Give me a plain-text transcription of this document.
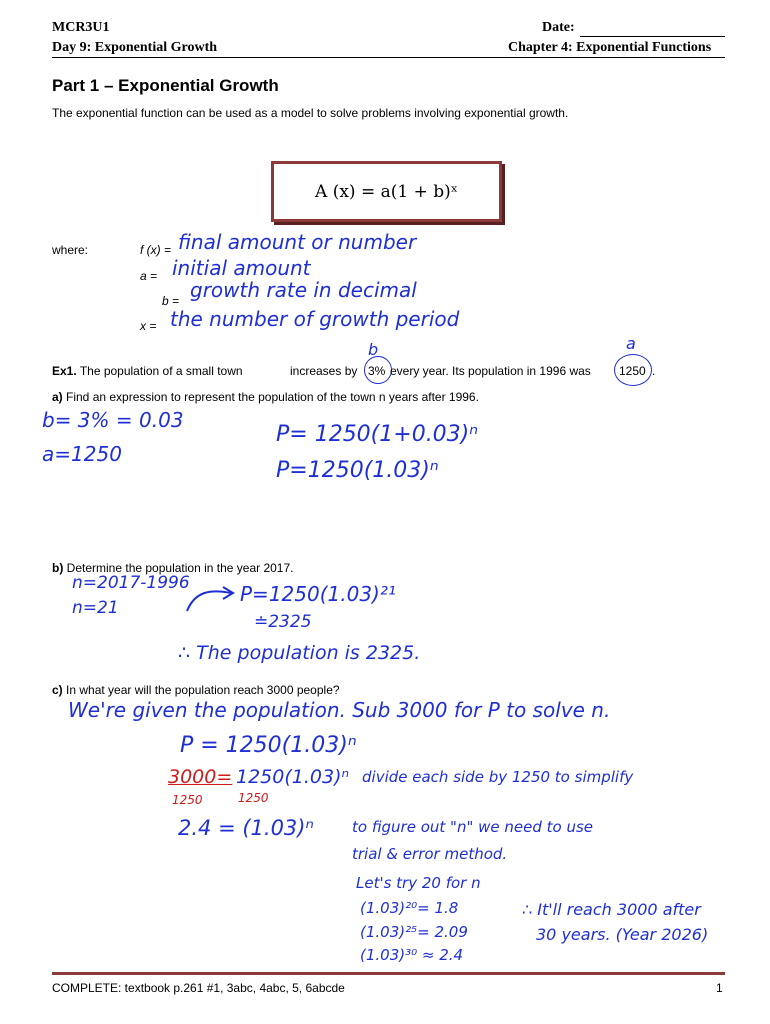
MCR3U1	Date:
Day 9: Exponential Growth	Chapter 4: Exponential Functions
Part 1 – Exponential Growth
The exponential function can be used as a model to solve problems involving exponential growth.
A (x) = a(1 + b)ˣ
where:	f (x) = final amount or number
a = initial amount
b = growth rate in decimal
x = the number of growth period
b	a
Ex1. The population of a small town	increases by 3% every year. Its population in 1996 was 1250 .
a) Find an expression to represent the population of the town n years after 1996.
b= 3% = 0.03
a=1250
P= 1250(1+0.03)ⁿ
P=1250(1.03)ⁿ
b) Determine the population in the year 2017.
n=2017-1996
n=21
P=1250(1.03)²¹
≐2325
∴ The population is 2325.
c) In what year will the population reach 3000 people?
We're given the population. Sub 3000 for P to solve n.
P = 1250(1.03)ⁿ
3000= 1250(1.03)ⁿ divide each side by 1250 to simplify
1250	1250
2.4 = (1.03)ⁿ	to figure out "n" we need to use
trial & error method.
Let's try 20 for n
(1.03)²⁰= 1.8
(1.03)²⁵= 2.09
(1.03)³⁰ ≈ 2.4
∴ It'll reach 3000 after
30 years. (Year 2026)
COMPLETE: textbook p.261 #1, 3abc, 4abc, 5, 6abcde	1
